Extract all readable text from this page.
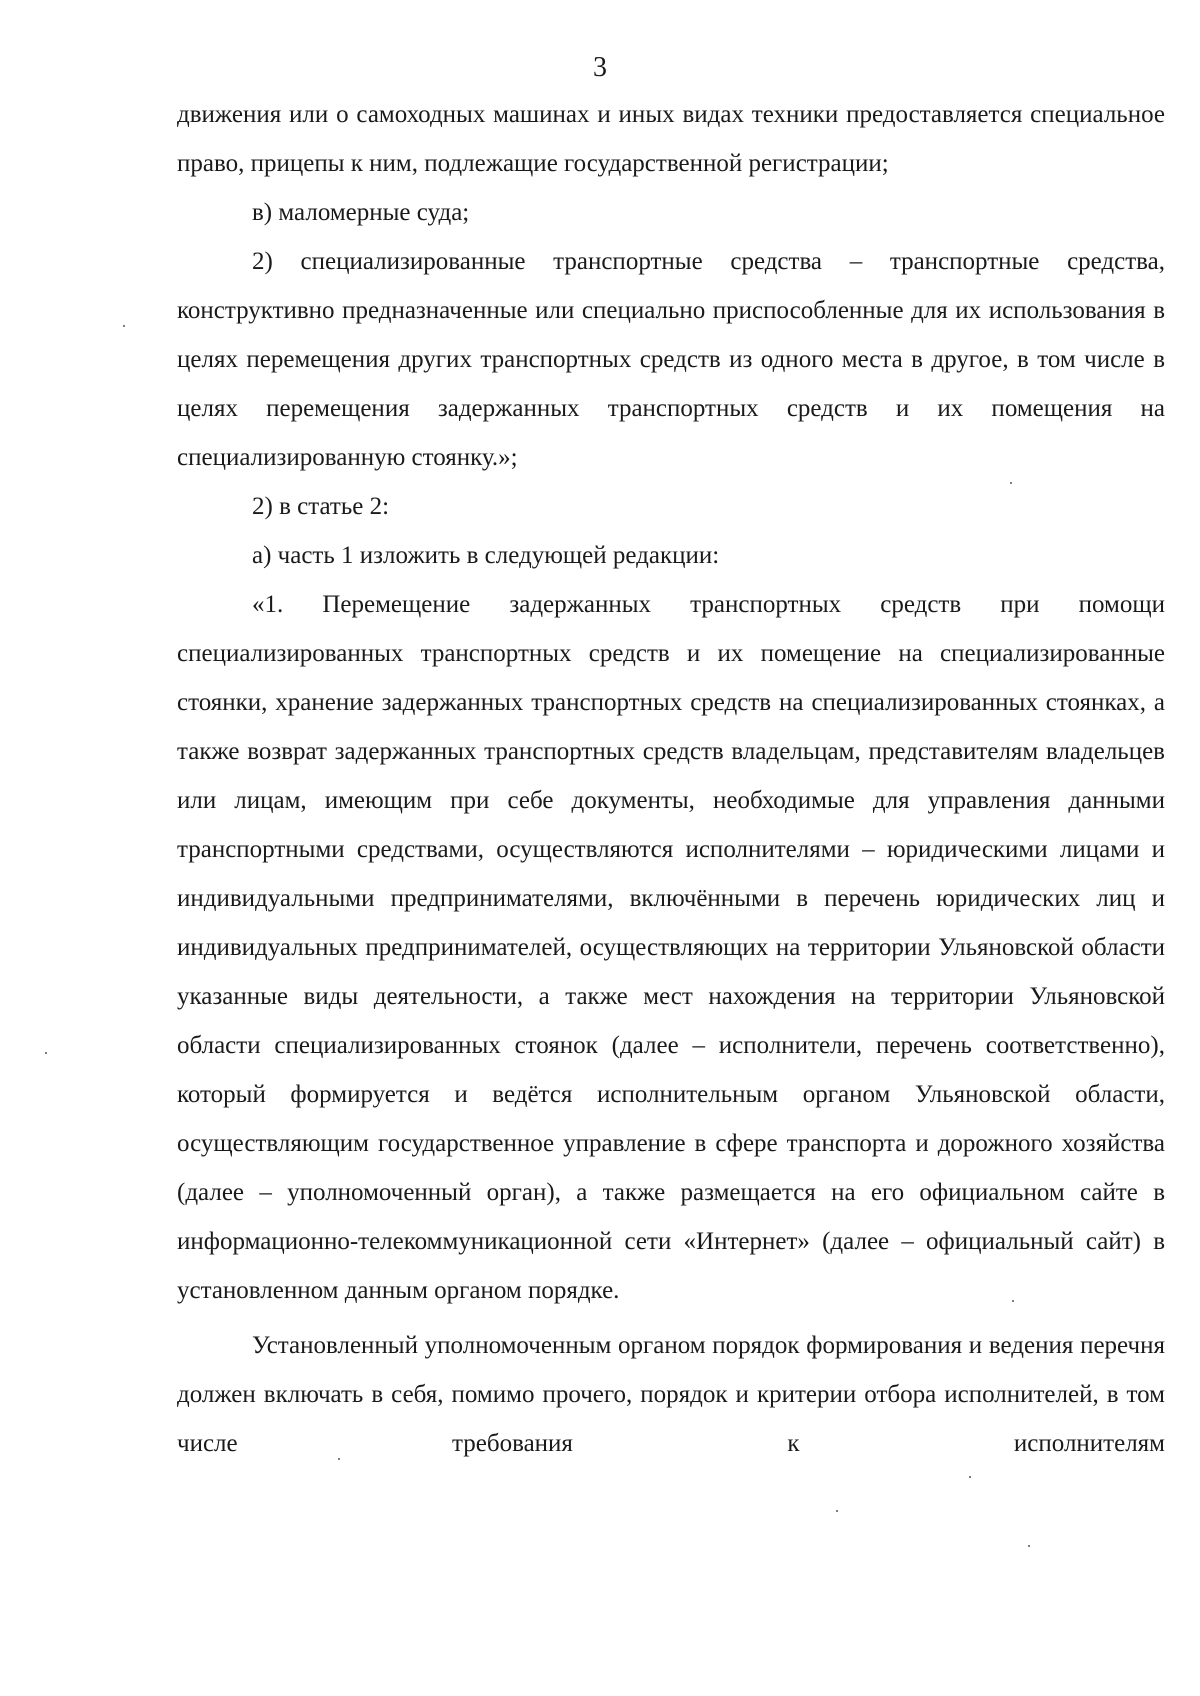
3

движения или о самоходных машинах и иных видах техники предоставляется специальное право, прицепы к ним, подлежащие государственной регистрации;

в) маломерные суда;

2) специализированные транспортные средства – транспортные средства, конструктивно предназначенные или специально приспособленные для их использования в целях перемещения других транспортных средств из одного места в другое, в том числе в целях перемещения задержанных транспортных средств и их помещения на специализированную стоянку.»;

2) в статье 2:

а) часть 1 изложить в следующей редакции:

«1. Перемещение задержанных транспортных средств при помощи специализированных транспортных средств и их помещение на специализированные стоянки, хранение задержанных транспортных средств на специализированных стоянках, а также возврат задержанных транспортных средств владельцам, представителям владельцев или лицам, имеющим при себе документы, необходимые для управления данными транспортными средствами, осуществляются исполнителями – юридическими лицами и индивидуальными предпринимателями, включёнными в перечень юридических лиц и индивидуальных предпринимателей, осуществляющих на территории Ульяновской области указанные виды деятельности, а также мест нахождения на территории Ульяновской области специализированных стоянок (далее – исполнители, перечень соответственно), который формируется и ведётся исполнительным органом Ульяновской области, осуществляющим государственное управление в сфере транспорта и дорожного хозяйства (далее – уполномоченный орган), а также размещается на его официальном сайте в информационно-телекоммуникационной сети «Интернет» (далее – официальный сайт) в установленном данным органом порядке.

Установленный уполномоченным органом порядок формирования и ведения перечня должен включать в себя, помимо прочего, порядок и критерии отбора исполнителей, в том числе требования к исполнителям
